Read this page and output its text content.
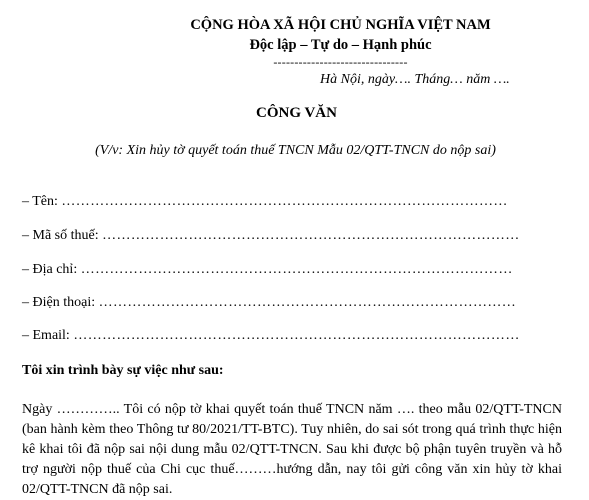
CỘNG HÒA XÃ HỘI CHỦ NGHĨA VIỆT NAM
Độc lập – Tự do – Hạnh phúc
--------------------------------
Hà Nội, ngày…. Tháng… năm ….
CÔNG VĂN
(V/v: Xin hủy tờ quyết toán thuế TNCN Mẫu 02/QTT-TNCN do nộp sai)
– Tên: …………………………………………………………………………………
– Mã số thuế: ……………………………………………………………………………
– Địa chỉ: ………………………………………………………………………………
– Điện thoại: ……………………………………………………………………………
– Email: …………………………………………………………………………………
Tôi xin trình bày sự việc như sau:
Ngày ………….. Tôi có nộp tờ khai quyết toán thuế TNCN năm …. theo mẫu 02/QTT-TNCN (ban hành kèm theo Thông tư 80/2021/TT-BTC). Tuy nhiên, do sai sót trong quá trình thực hiện kê khai tôi đã nộp sai nội dung mẫu 02/QTT-TNCN. Sau khi được bộ phận tuyên truyền và hỗ trợ người nộp thuế của Chi cục thuế………hướng dẫn, nay tôi gửi công văn xin hủy tờ khai 02/QTT-TNCN đã nộp sai.
